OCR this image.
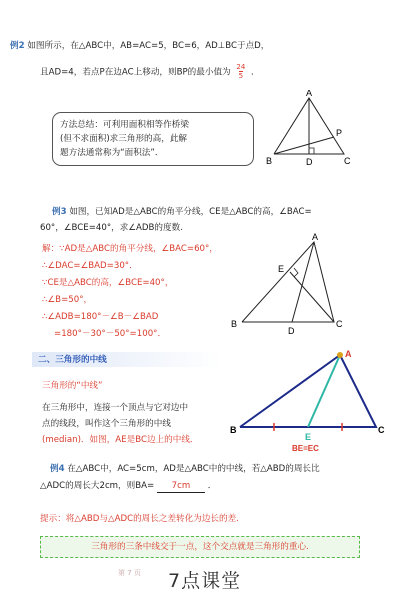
例2 如图所示，在△ABC中，AB=AC=5，BC=6，AD⊥BC于点D，
且AD=4，若点P在边AC上移动，则BP的最小值为 $\frac{24}{5}$ ．
方法总结：可利用面积相等作桥梁
(但不求面积)求三角形的高，此解
题方法通常称为“面积法”．
A
P
B	D	C
例3 如图，已知AD是△ABC的角平分线，CE是△ABC的高，∠BAC=
60°，∠BCE=40°，求∠ADB的度数.
解：∵AD是△ABC的角平分线，∠BAC=60°，
∴∠DAC=∠BAD=30°．
∵CE是△ABC的高，∠BCE=40°，
∴∠B=50°，
∴∠ADB=180°－∠B－∠BAD
=180°－30°－50°=100°．
A
E
B
D
C
二、三角形的中线
三角形的“中线”
在三角形中，连接一个顶点与它对边中
点的线段，叫作这个三角形的中线
(median)．如图，AE是BC边上的中线．
A
B
E
C
BE=EC
例4 在△ABC中，AC=5cm，AD是△ABC中的中线，若△ABD的周长比
△ADC的周长大2cm，则BA= 7cm ．
提示：将△ABD与△ADC的周长之差转化为边长的差.
三角形的三条中线交于一点，这个交点就是三角形的重心.
第 7 页 7点课堂
